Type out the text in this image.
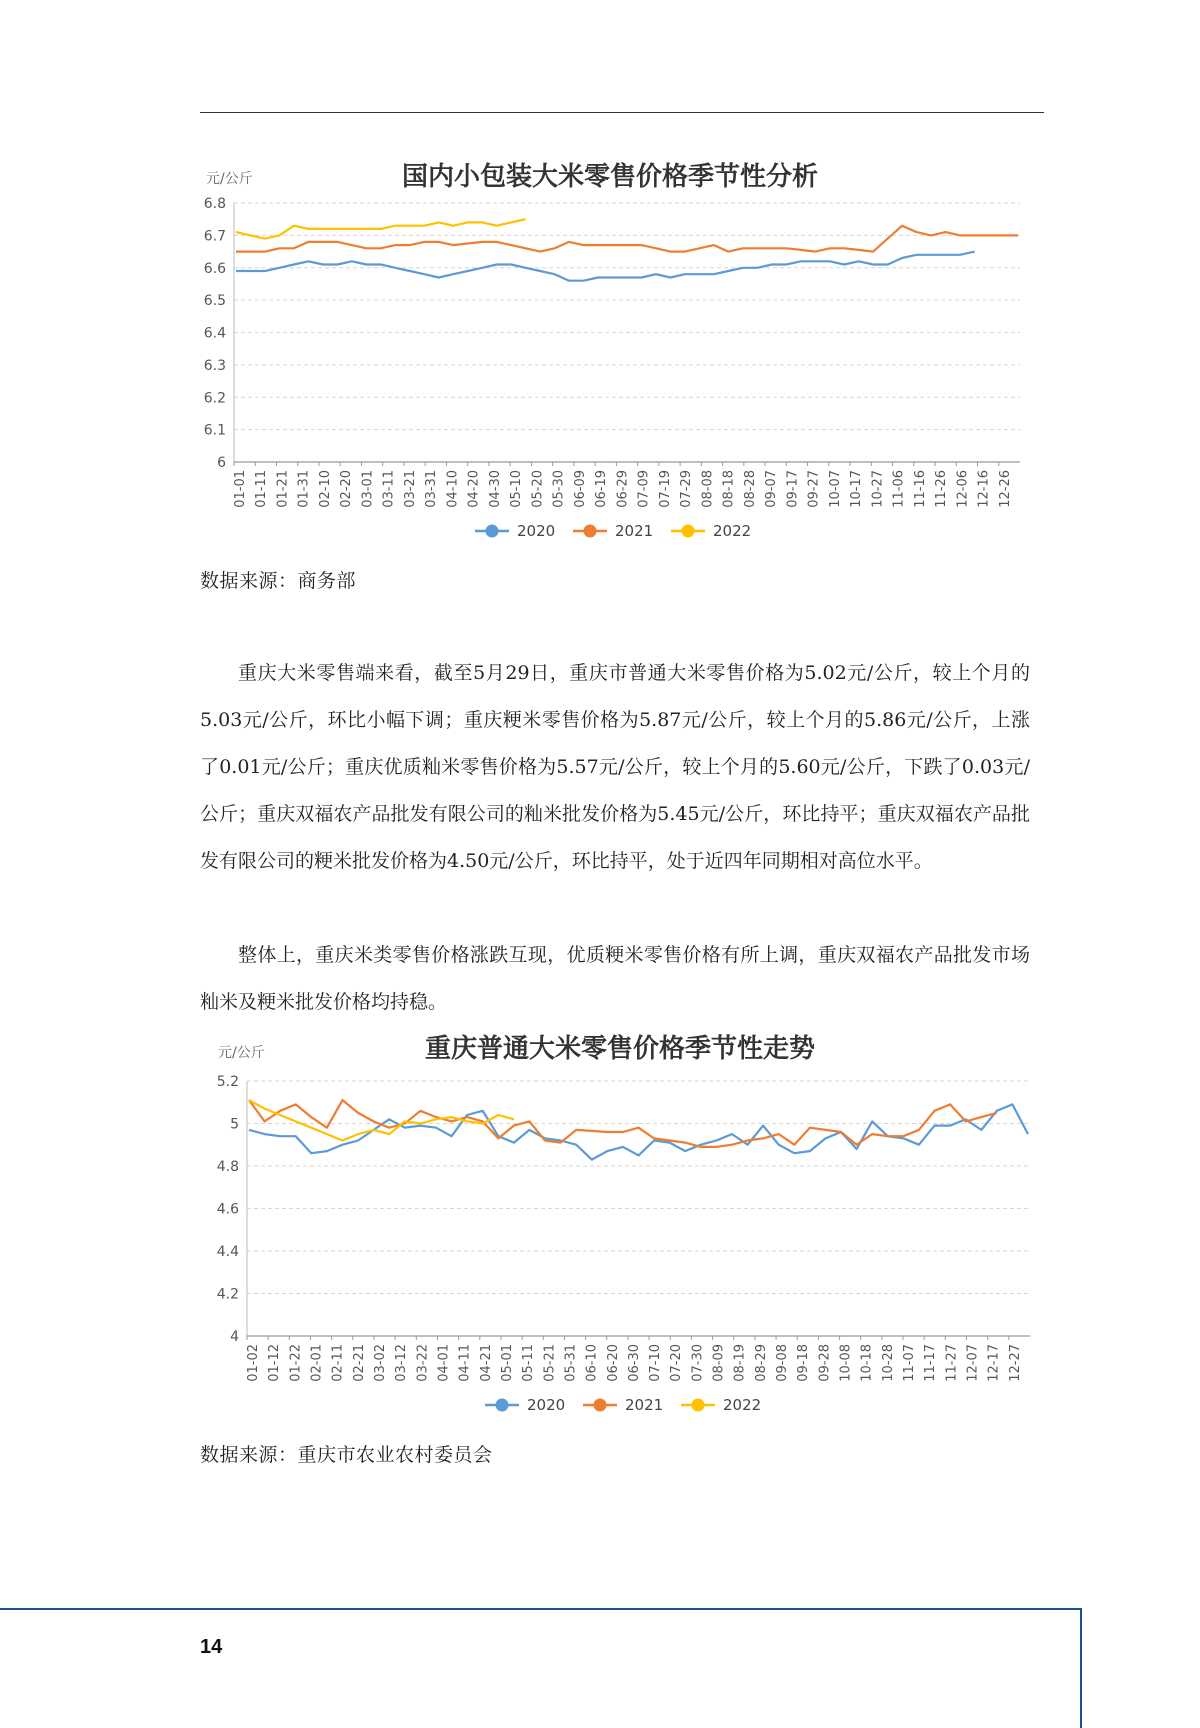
国内小包装大米零售价格季节性分析
元/公斤
6
6.1
6.2
6.3
6.4
6.5
6.6
6.7
6.8
01-01 01-11 01-21 01-31 02-10 02-20 03-01 03-11 03-21 03-31 04-10 04-20 04-30 05-10 05-20 05-30 06-09 06-19 06-29 07-09 07-19 07-29 08-08 08-18 08-28 09-07 09-17 09-27 10-07 10-17 10-27 11-06 11-16 11-26 12-06 12-16 12-26
2020	2021	2022
数据来源：商务部

重庆大米零售端来看，截至5月29日，重庆市普通大米零售价格为5.02元/公斤，较上个月的5.03元/公斤，环比小幅下调；重庆粳米零售价格为5.87元/公斤，较上个月的5.86元/公斤，上涨了0.01元/公斤；重庆优质籼米零售价格为5.57元/公斤，较上个月的5.60元/公斤，下跌了0.03元/公斤；重庆双福农产品批发有限公司的籼米批发价格为5.45元/公斤，环比持平；重庆双福农产品批发有限公司的粳米批发价格为4.50元/公斤，环比持平，处于近四年同期相对高位水平。

整体上，重庆米类零售价格涨跌互现，优质粳米零售价格有所上调，重庆双福农产品批发市场籼米及粳米批发价格均持稳。

重庆普通大米零售价格季节性走势
元/公斤
4
4.2
4.4
4.6
4.8
5
5.2
01-02 01-12 01-22 02-01 02-11 02-21 03-02 03-12 03-22 04-01 04-11 04-21 05-01 05-11 05-21 05-31 06-10 06-20 06-30 07-10 07-20 07-30 08-09 08-19 08-29 09-08 09-18 09-28 10-08 10-18 10-28 11-07 11-17 11-27 12-07 12-17 12-27
2020	2021	2022
数据来源：重庆市农业农村委员会
14
